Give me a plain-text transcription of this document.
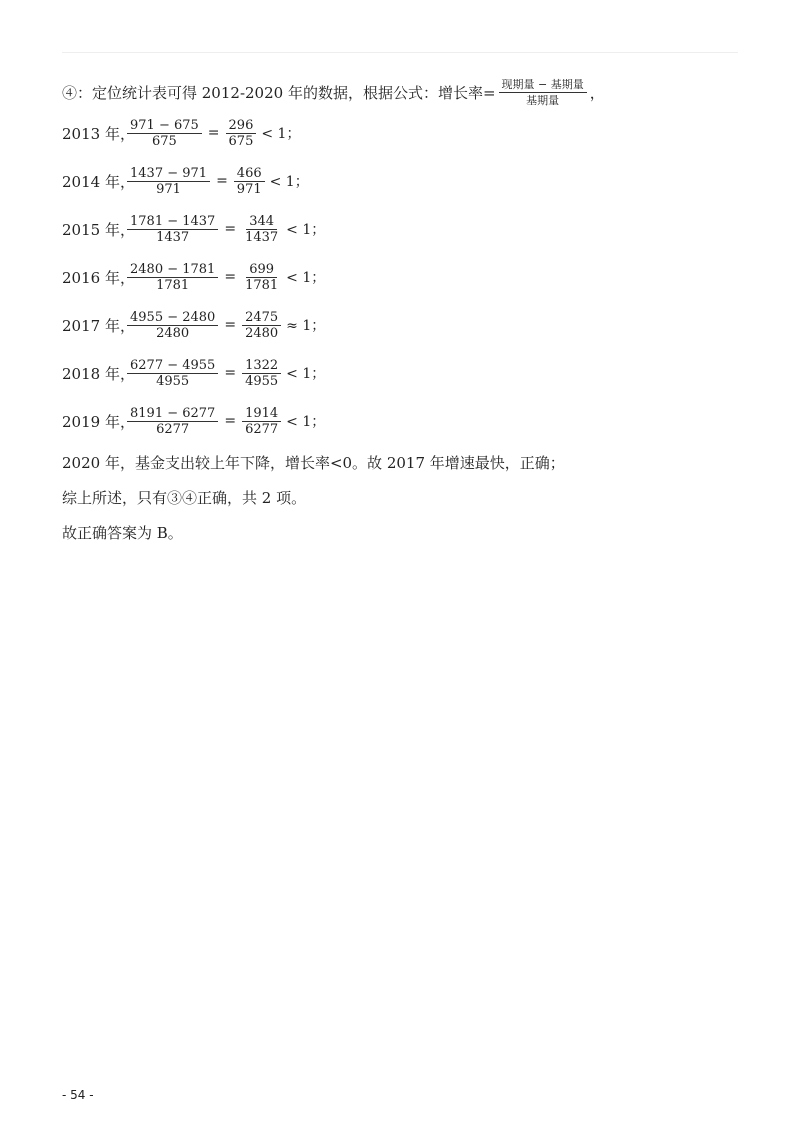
④：定位统计表可得 2012-2020 年的数据，根据公式：增长率= $\frac{\text{现期量 − 基期量}}{\text{基期量}}$ ，
2013 年，
$\frac{971 - 675}{675} = \frac{296}{675} < 1$；
2014 年，
$\frac{1437 - 971}{971} = \frac{466}{971} < 1$；
2015 年，
$\frac{1781 - 1437}{1437} = \frac{344}{1437} < 1$；
2016 年，
$\frac{2480 - 1781}{1781} = \frac{699}{1781} < 1$；
2017 年，
$\frac{4955 - 2480}{2480} = \frac{2475}{2480} \approx 1$；
2018 年，
$\frac{6277 - 4955}{4955} = \frac{1322}{4955} < 1$；
2019 年，
$\frac{8191 - 6277}{6277} = \frac{1914}{6277} < 1$；
2020 年，基金支出较上年下降，增长率<0。故 2017 年增速最快，正确；
综上所述，只有③④正确，共 2 项。
故正确答案为 B。
- 54 -
